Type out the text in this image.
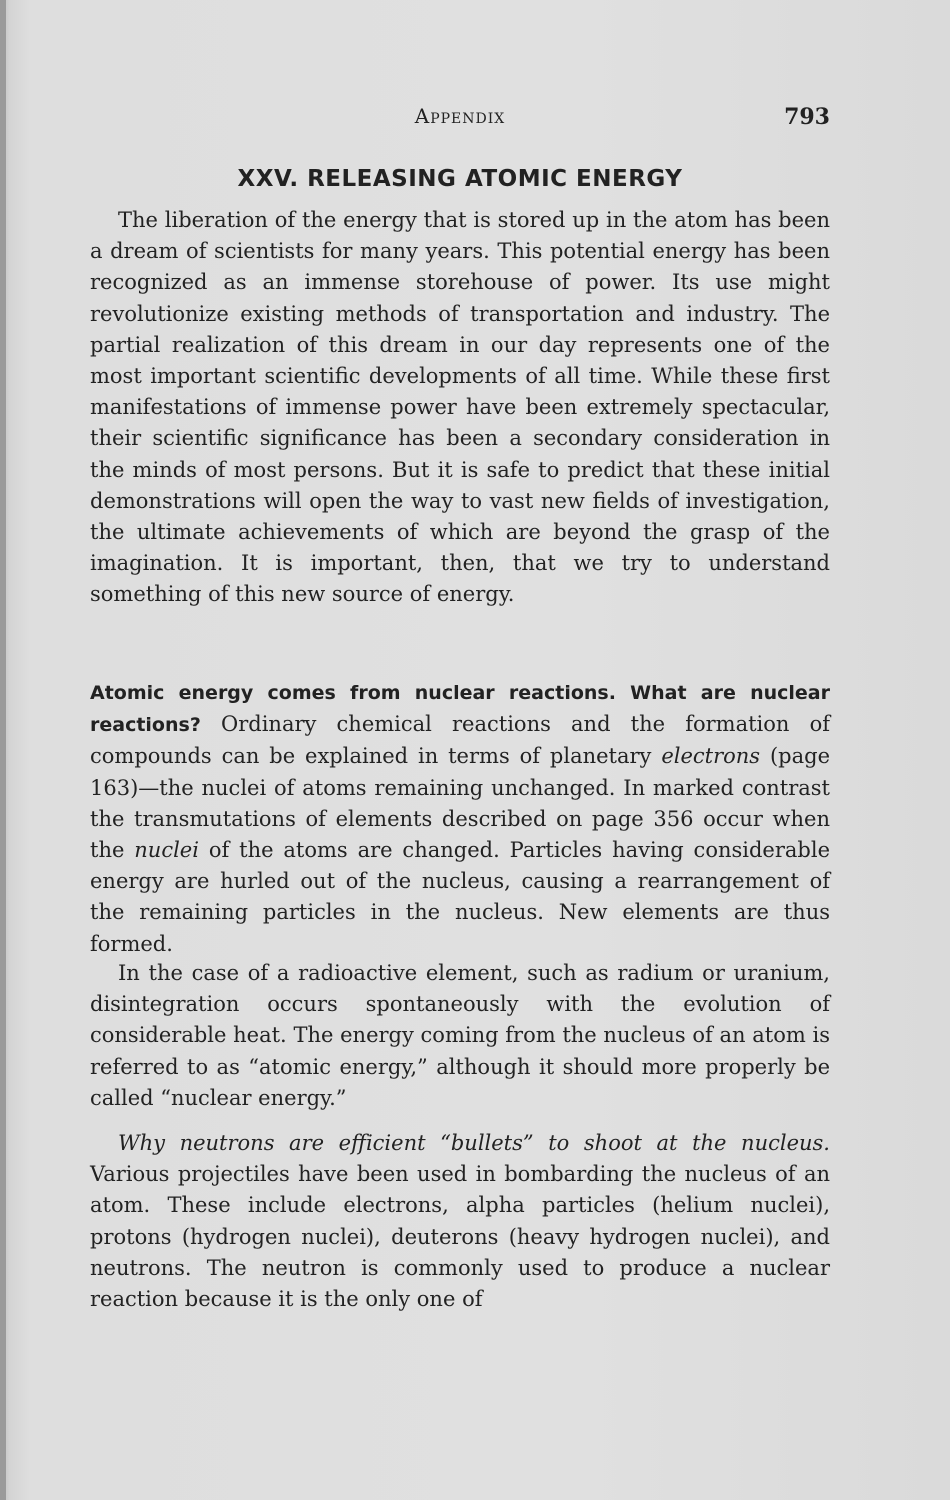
Appendix	793
XXV. RELEASING ATOMIC ENERGY

The liberation of the energy that is stored up in the atom has been a dream of scientists for many years. This potential energy has been recognized as an immense storehouse of power. Its use might revolutionize existing methods of transportation and industry. The partial realization of this dream in our day represents one of the most important scientific developments of all time. While these first manifestations of immense power have been extremely spectacular, their scientific significance has been a secondary consideration in the minds of most persons. But it is safe to predict that these initial demonstrations will open the way to vast new fields of investigation, the ultimate achievements of which are beyond the grasp of the imagination. It is important, then, that we try to understand something of this new source of energy.

Atomic energy comes from nuclear reactions. What are nuclear reactions? Ordinary chemical reactions and the formation of compounds can be explained in terms of planetary electrons (page 163)—the nuclei of atoms remaining unchanged. In marked contrast the transmutations of elements described on page 356 occur when the nuclei of the atoms are changed. Particles having considerable energy are hurled out of the nucleus, causing a rearrangement of the remaining particles in the nucleus. New elements are thus formed.

In the case of a radioactive element, such as radium or uranium, disintegration occurs spontaneously with the evolution of considerable heat. The energy coming from the nucleus of an atom is referred to as “atomic energy,” although it should more properly be called “nuclear energy.”

Why neutrons are efficient “bullets” to shoot at the nucleus. Various projectiles have been used in bombarding the nucleus of an atom. These include electrons, alpha particles (helium nuclei), protons (hydrogen nuclei), deuterons (heavy hydrogen nuclei), and neutrons. The neutron is commonly used to produce a nuclear reaction because it is the only one of
